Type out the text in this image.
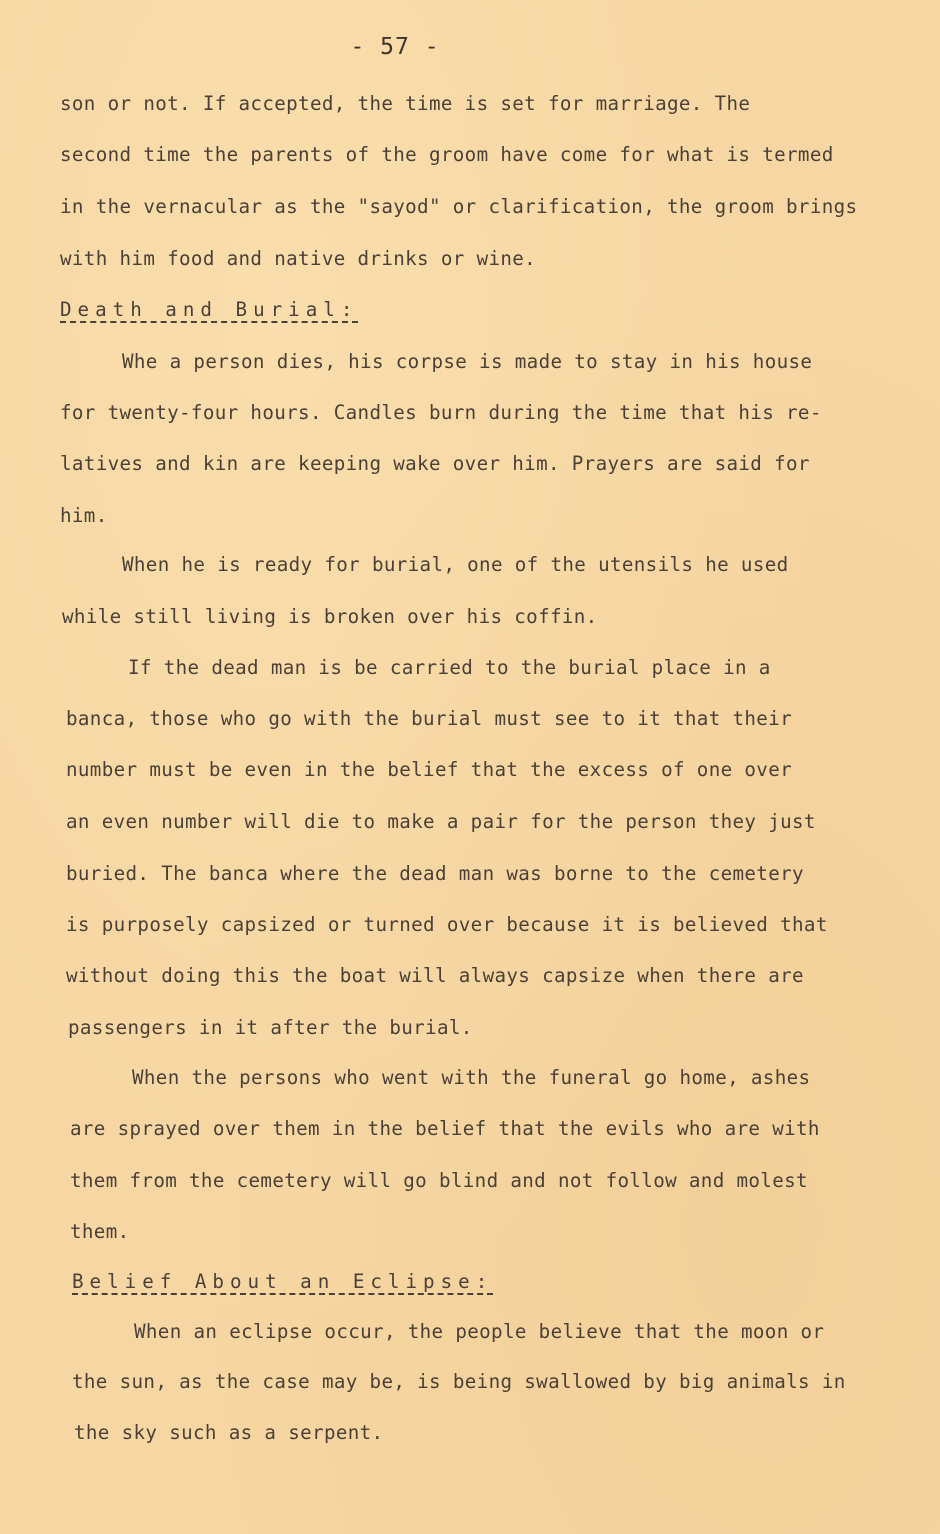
- 57 -
son or not. If accepted, the time is set for marriage. The
second time the parents of the groom have come for what is termed
in the vernacular as the "sayod" or clarification, the groom brings
with him food and native drinks or wine.
Death and Burial:
Whe a person dies, his corpse is made to stay in his house
for twenty-four hours. Candles burn during the time that his re-
latives and kin are keeping wake over him. Prayers are said for
him.
When he is ready for burial, one of the utensils he used
while still living is broken over his coffin.
If the dead man is be carried to the burial place in a
banca, those who go with the burial must see to it that their
number must be even in the belief that the excess of one over
an even number will die to make a pair for the person they just
buried. The banca where the dead man was borne to the cemetery
is purposely capsized or turned over because it is believed that
without doing this the boat will always capsize when there are
passengers in it after the burial.
When the persons who went with the funeral go home, ashes
are sprayed over them in the belief that the evils who are with
them from the cemetery will go blind and not follow and molest
them.
Belief About an Eclipse:
When an eclipse occur, the people believe that the moon or
the sun, as the case may be, is being swallowed by big animals in
the sky such as a serpent.
